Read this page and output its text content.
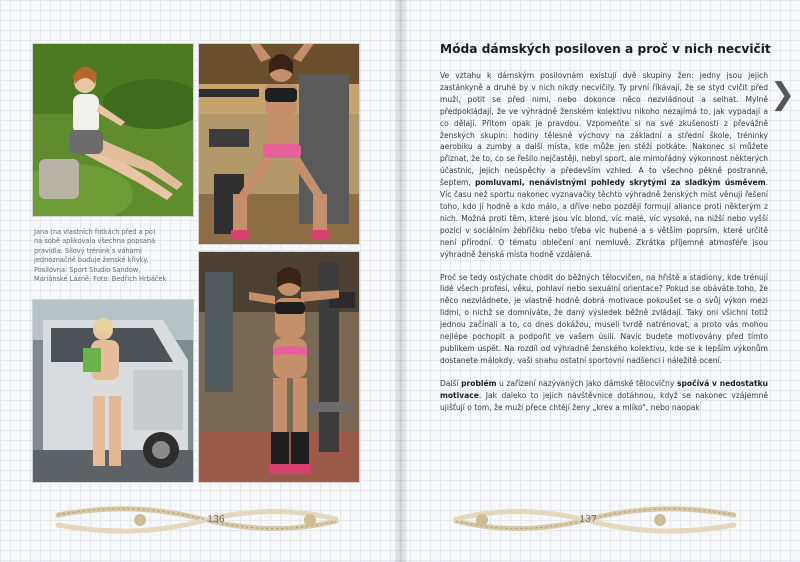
Jana (na vlastních fotkách před a po)
na sobě aplikovala všechna popsaná
pravidla. Silový trénink s váhami
jednoznačně buduje ženské křivky.
Posilovna: Sport Studio Sandow,
Mariánské Lázně. Foto: Bedřich Hrbáček
Móda dámských posiloven a proč v nich necvičit

Ve vztahu k dámským posilovnám existují dvě skupiny žen: jedny jsou jejich zastánkyně a druhé by v nich nikdy necvičily. Ty první říkávají, že se styd cvičit před muži, potit se před nimi, nebo dokonce něco nezvládnout a selhat. Mylně předpokládají, že ve výhradně ženském kolektivu nikoho nezajímá to, jak vypadají a co dělají. Přitom opak je pravdou. Vzpomeňte si na své zkušenosti z převážně ženských skupin: hodiny tělesné výchovy na základní a střední škole, tréninky aerobiku a zumby a další místa, kde může jen stěží potkáte. Nakonec si můžete přiznat, že to, co se řešilo nejčastěji, nebyl sport, ale mimořádný výkonnost některých účastnic, jejich neúspěchy a především vzhled. A to všechno pěkně postranně, šeptem, pomluvami, nenávistnými pohledy skrytými za sladkým úsměvem. Víc času než sportu nakonec vyznavačky těchto výhradně ženských míst věnují řešení toho, kdo jí hodně a kdo málo, a dříve nebo později formují aliance proti některým z nich. Možná proti těm, které jsou víc blond, víc malé, víc vysoké, na nižší nebo vyšší pozici v sociálním žebříčku nebo třeba víc hubené a s větším poprsím, které určitě není přírodní. O tématu oblečení ani nemluvě. Zkrátka příjemné atmosféře jsou výhradně ženská místa hodně vzdálená.

Proč se tedy ostýchate chodit do běžných tělocvičen, na hřiště a stadiony, kde trénují lidé všech profesí, věku, pohlaví nebo sexuální orientace? Pokud se obáváte toho, že něco nezvládnete, je vlastně hodně dobrá motivace pokoušet se o svůj výkon mezi lidmi, o nichž se domníváte, že daný výsledek běžně zvládají. Taky oni všichni totiž jednou začínali a to, co dnes dokážou, museli tvrdě natrénovat, a proto vás mohou nejlépe pochopit a podpořit ve vašem úsilí. Navíc budete motivovány před tímto publikem uspět. Na rozdíl od výhradně ženského kolektivu, kde se k lepším výkonům dostanete málokdy, vaši snahu ostatní sportovní nadšenci i náležitě ocení.

Další problém u zařízení nazývaných jako dámské tělocvičny spočívá v nedostatku motivace. Jak daleko to jejich návštěvnice dotáhnou, když se nakonec vzájemně ujišťují o tom, že muži přece chtějí ženy „krev a mlíko“, nebo naopak

❯
136	137
